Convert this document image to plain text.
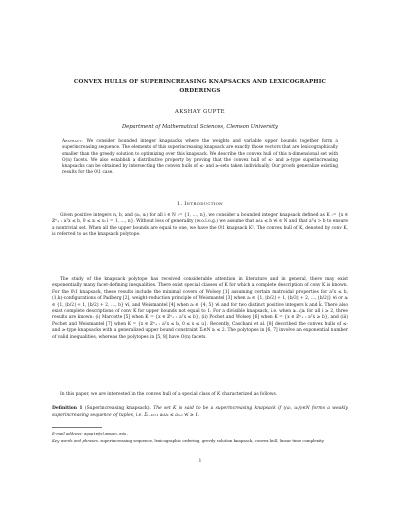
CONVEX HULLS OF SUPERINCREASING KNAPSACKS AND LEXICOGRAPHIC ORDERINGS
AKSHAY GUPTE
Department of Mathematical Sciences, Clemson University
Abstract. We consider bounded integer knapsacks where the weights and variable upper bounds together form a superincreasing sequence. The elements of this superincreasing knapsack are exactly those vectors that are lexicographically smaller than the greedy solution to optimizing over this knapsack. We describe the convex hull of this n-dimensional set with O(n) facets. We also establish a distributive property by proving that the convex hull of ≤- and ≥-type superincreasing knapsacks can be obtained by intersecting the convex hulls of ≤- and ≥-sets taken individually. Our proofs generalize existing results for the 0\1 case.
1. Introduction

Given positive integers n, b, and (aᵢ, uᵢ) for all i ∈ N := {1, …, n}, we consider a bounded integer knapsack defined as K := {x ∈ ℤⁿ₊ : aᵀx ≤ b, 0 ≤ xᵢ ≤ uᵢ i = 1, …, n}. Without loss of generality (w.o.l.o.g.) we assume that aᵢuᵢ ≤ b ∀i ∈ N and that aᵀu > b to ensure a nontrivial set. When all the upper bounds are equal to one, we have the 0\1 knapsack K¹. The convex hull of K, denoted by conv K, is referred to as the knapsack polytope.

The study of the knapsack polytope has received considerable attention in literature and in general, there may exist exponentially many facet-defining inequalities. There exist special classes of K for which a complete description of conv K is known. For the 0\1 knapsack, these results include the minimal covers of Wolsey [1] assuming certain matroidal properties for aᵀx ≤ b, (1,k)-configurations of Padberg [2], weight-reduction principle of Weismantel [3] when aᵢ ∈ {1, ⌊b/2⌋ + 1, ⌊b/3⌋ + 2, …, ⌊b/2⌋} ∀i or aᵢ ∈ {1, ⌊b/2⌋ + 1, ⌊b/2⌋ + 2, …, b} ∀i, and Weismantel [4] when aᵢ ∈ {4, 5} ∀i and for two distinct positive integers k and k̄. There also exist complete descriptions of conv K for upper bounds not equal to 1. For a divisible knapsack, i.e. when aᵢ₋₁|aᵢ for all i ≥ 2, three results are known: (i) Marcotte [5] when K = {x ∈ ℤⁿ₊ : aᵀx ≤ b}, (ii) Pochet and Wolsey [6] when K = {x ∈ ℤⁿ₊ : aᵀx ≥ b}, and (iii) Pochet and Weismantel [7] when K = {x ∈ ℤⁿ₊ : aᵀx ≤ b, 0 ≤ x ≤ u}. Recently, Caschani et al. [8] described the convex hulls of ≤- and ≥-type knapsacks with a generalized upper bound constraint Σᵢ∈N xᵢ ≤ 2. The polytopes in [6, 7] involve an exponential number of valid inequalities, whereas the polytopes in [5, 8] have O(n) facets.

In this paper, we are interested in the convex hull of a special class of K characterized as follows.

Definition 1 (Superincreasing knapsack). The set K is said to be a superincreasing knapsack if ((aᵢ, uᵢ))ᵢ∈N forms a weakly superincreasing sequence of tuples, i.e. Σᵢ₋₁ₖ₌₁ aₖuₖ ≤ aᵢ₊₁ ∀i ≥ 1.
E-mail address: agupte@clemson.edu.
Key words and phrases. superincreasing sequence, lexicographic ordering, greedy solution knapsack, convex hull, linear time complexity.
1
